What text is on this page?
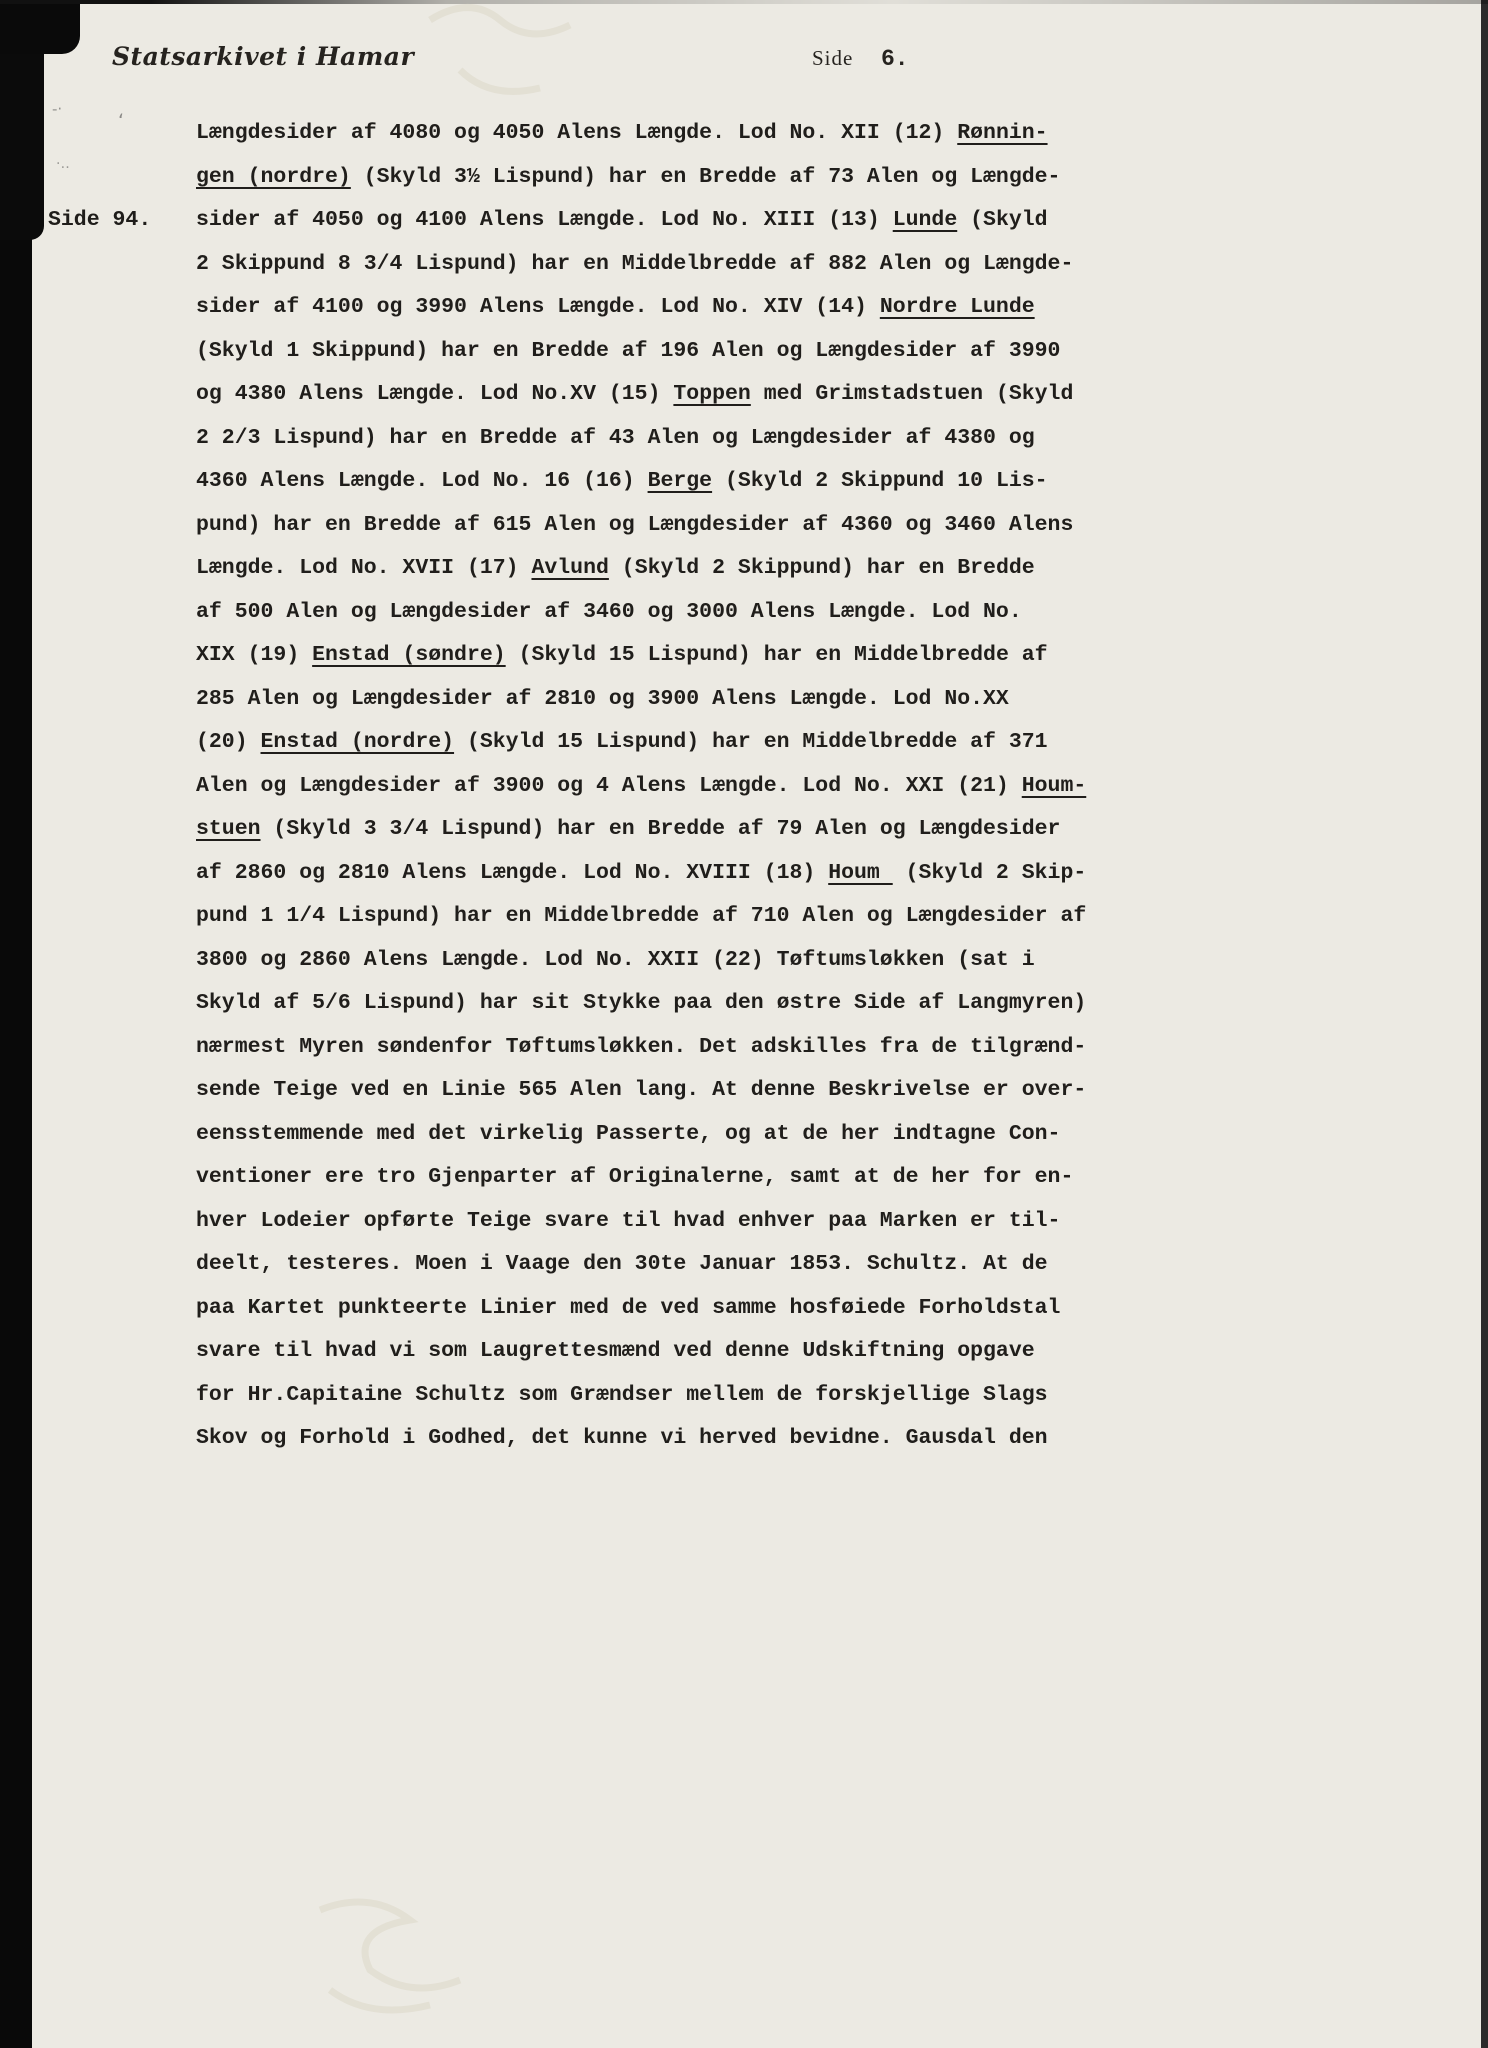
-·
ʻ
·‥
Statsarkivet i Hamar	Side 6.
Side 94.
Længdesider af 4080 og 4050 Alens Længde. Lod No. XII (12) Rønnin-
gen (nordre) (Skyld 3½ Lispund) har en Bredde af 73 Alen og Længde-
sider af 4050 og 4100 Alens Længde. Lod No. XIII (13) Lunde (Skyld
2 Skippund 8 3/4 Lispund) har en Middelbredde af 882 Alen og Længde-
sider af 4100 og 3990 Alens Længde. Lod No. XIV (14) Nordre Lunde
(Skyld 1 Skippund) har en Bredde af 196 Alen og Længdesider af 3990
og 4380 Alens Længde. Lod No.XV (15) Toppen med Grimstadstuen (Skyld
2 2/3 Lispund) har en Bredde af 43 Alen og Længdesider af 4380 og
4360 Alens Længde. Lod No. 16 (16) Berge (Skyld 2 Skippund 10 Lis-
pund) har en Bredde af 615 Alen og Længdesider af 4360 og 3460 Alens
Længde. Lod No. XVII (17) Avlund (Skyld 2 Skippund) har en Bredde
af 500 Alen og Længdesider af 3460 og 3000 Alens Længde. Lod No.
XIX (19) Enstad (søndre) (Skyld 15 Lispund) har en Middelbredde af
285 Alen og Længdesider af 2810 og 3900 Alens Længde. Lod No.XX
(20) Enstad (nordre) (Skyld 15 Lispund) har en Middelbredde af 371
Alen og Længdesider af 3900 og 4 Alens Længde. Lod No. XXI (21) Houm-
stuen (Skyld 3 3/4 Lispund) har en Bredde af 79 Alen og Længdesider
af 2860 og 2810 Alens Længde. Lod No. XVIII (18) Houm  (Skyld 2 Skip-
pund 1 1/4 Lispund) har en Middelbredde af 710 Alen og Længdesider af
3800 og 2860 Alens Længde. Lod No. XXII (22) Tøftumsløkken (sat i
Skyld af 5/6 Lispund) har sit Stykke paa den østre Side af Langmyren)
nærmest Myren søndenfor Tøftumsløkken. Det adskilles fra de tilgrænd-
sende Teige ved en Linie 565 Alen lang. At denne Beskrivelse er over-
eensstemmende med det virkelig Passerte, og at de her indtagne Con-
ventioner ere tro Gjenparter af Originalerne, samt at de her for en-
hver Lodeier opførte Teige svare til hvad enhver paa Marken er til-
deelt, testeres. Moen i Vaage den 30te Januar 1853. Schultz. At de
paa Kartet punkteerte Linier med de ved samme hosføiede Forholdstal
svare til hvad vi som Laugrettesmænd ved denne Udskiftning opgave
for Hr.Capitaine Schultz som Grændser mellem de forskjellige Slags
Skov og Forhold i Godhed, det kunne vi herved bevidne. Gausdal den
